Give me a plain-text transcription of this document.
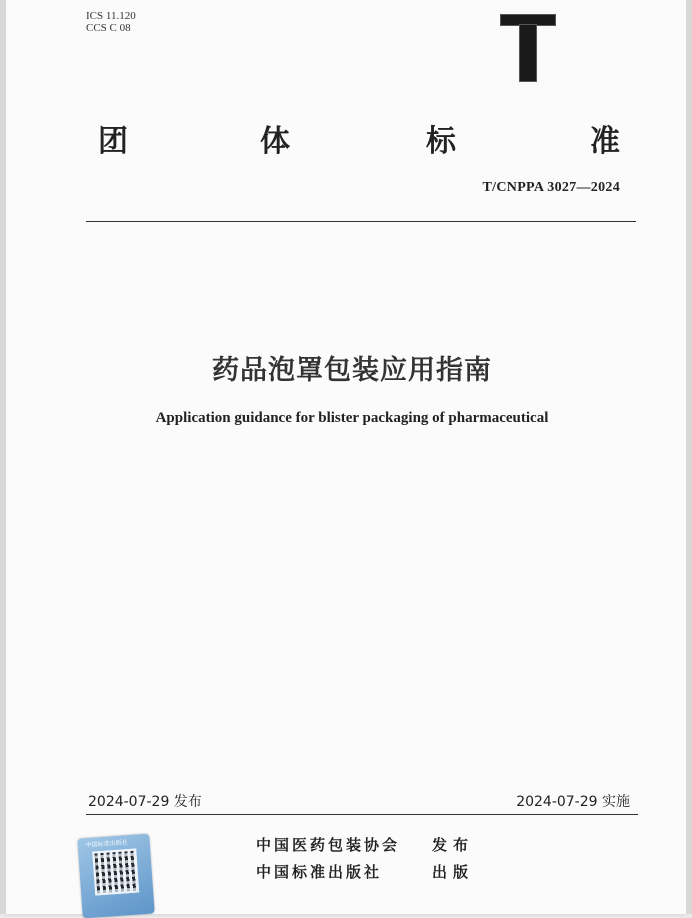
ICS 11.120
CCS C 08
团	体	标	准
T/CNPPA 3027—2024
药品泡罩包装应用指南
Application guidance for blister packaging of pharmaceutical
2024-07-29 发布	2024-07-29 实施
中国医药包装协会 发布
中国标准出版社	出版
中国标准出版社
